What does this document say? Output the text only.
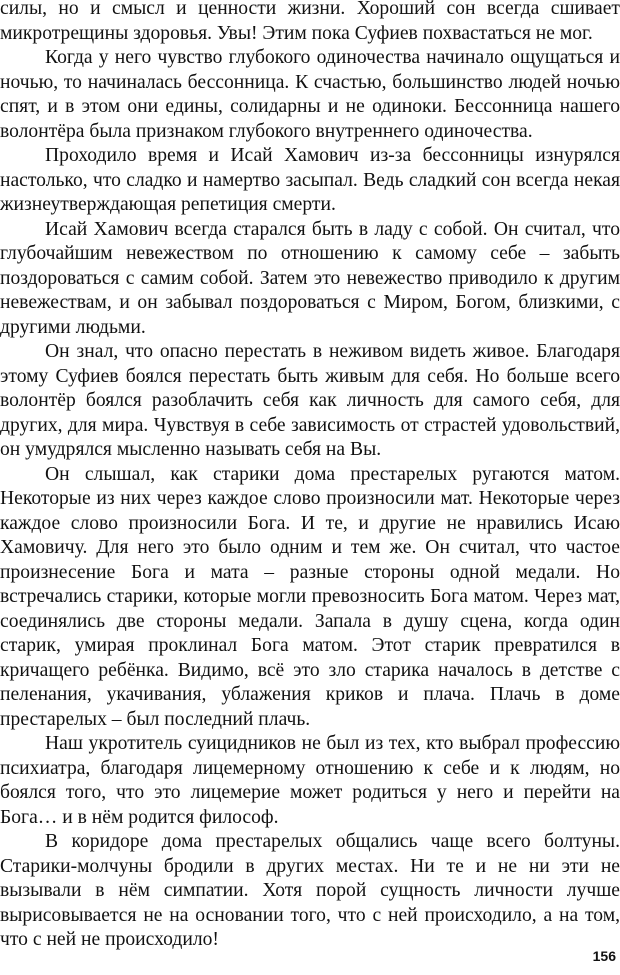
силы, но и смысл и ценности жизни. Хороший сон всегда сшивает микротрещины здоровья. Увы! Этим пока Суфиев похвастаться не мог.

Когда у него чувство глубокого одиночества начинало ощущаться и ночью, то начиналась бессонница. К счастью, большинство людей ночью спят, и в этом они едины, солидарны и не одиноки. Бессонница нашего волонтёра была признаком глубокого внутреннего одиночества.

Проходило время и Исай Хамович из-за бессонницы изнурялся настолько, что сладко и намертво засыпал. Ведь сладкий сон всегда некая жизнеутверждающая репетиция смерти.

Исай Хамович всегда старался быть в ладу с собой. Он считал, что глубочайшим невежеством по отношению к самому себе – забыть поздороваться с самим собой. Затем это невежество приводило к другим невежествам, и он забывал поздороваться с Миром, Богом, близкими, с другими людьми.

Он знал, что опасно перестать в неживом видеть живое. Благодаря этому Суфиев боялся перестать быть живым для себя. Но больше всего волонтёр боялся разоблачить себя как личность для самого себя, для других, для мира. Чувствуя в себе зависимость от страстей удовольствий, он умудрялся мысленно называть себя на Вы.

Он слышал, как старики дома престарелых ругаются матом. Некоторые из них через каждое слово произносили мат. Некоторые через каждое слово произносили Бога. И те, и другие не нравились Исаю Хамовичу. Для него это было одним и тем же. Он считал, что частое произнесение Бога и мата – разные стороны одной медали. Но встречались старики, которые могли превозносить Бога матом. Через мат, соединялись две стороны медали. Запала в душу сцена, когда один старик, умирая проклинал Бога матом. Этот старик превратился в кричащего ребёнка. Видимо, всё это зло старика началось в детстве с пеленания, укачивания, ублажения криков и плача. Плачь в доме престарелых – был последний плачь.

Наш укротитель суицидников не был из тех, кто выбрал профессию психиатра, благодаря лицемерному отношению к себе и к людям, но боялся того, что это лицемерие может родиться у него и перейти на Бога… и в нём родится философ.

В коридоре дома престарелых общались чаще всего болтуны. Старики-молчуны бродили в других местах. Ни те и не ни эти не вызывали в нём симпатии. Хотя порой сущность личности лучше вырисовывается не на основании того, что с ней происходило, а на том, что с ней не происходило!

156
